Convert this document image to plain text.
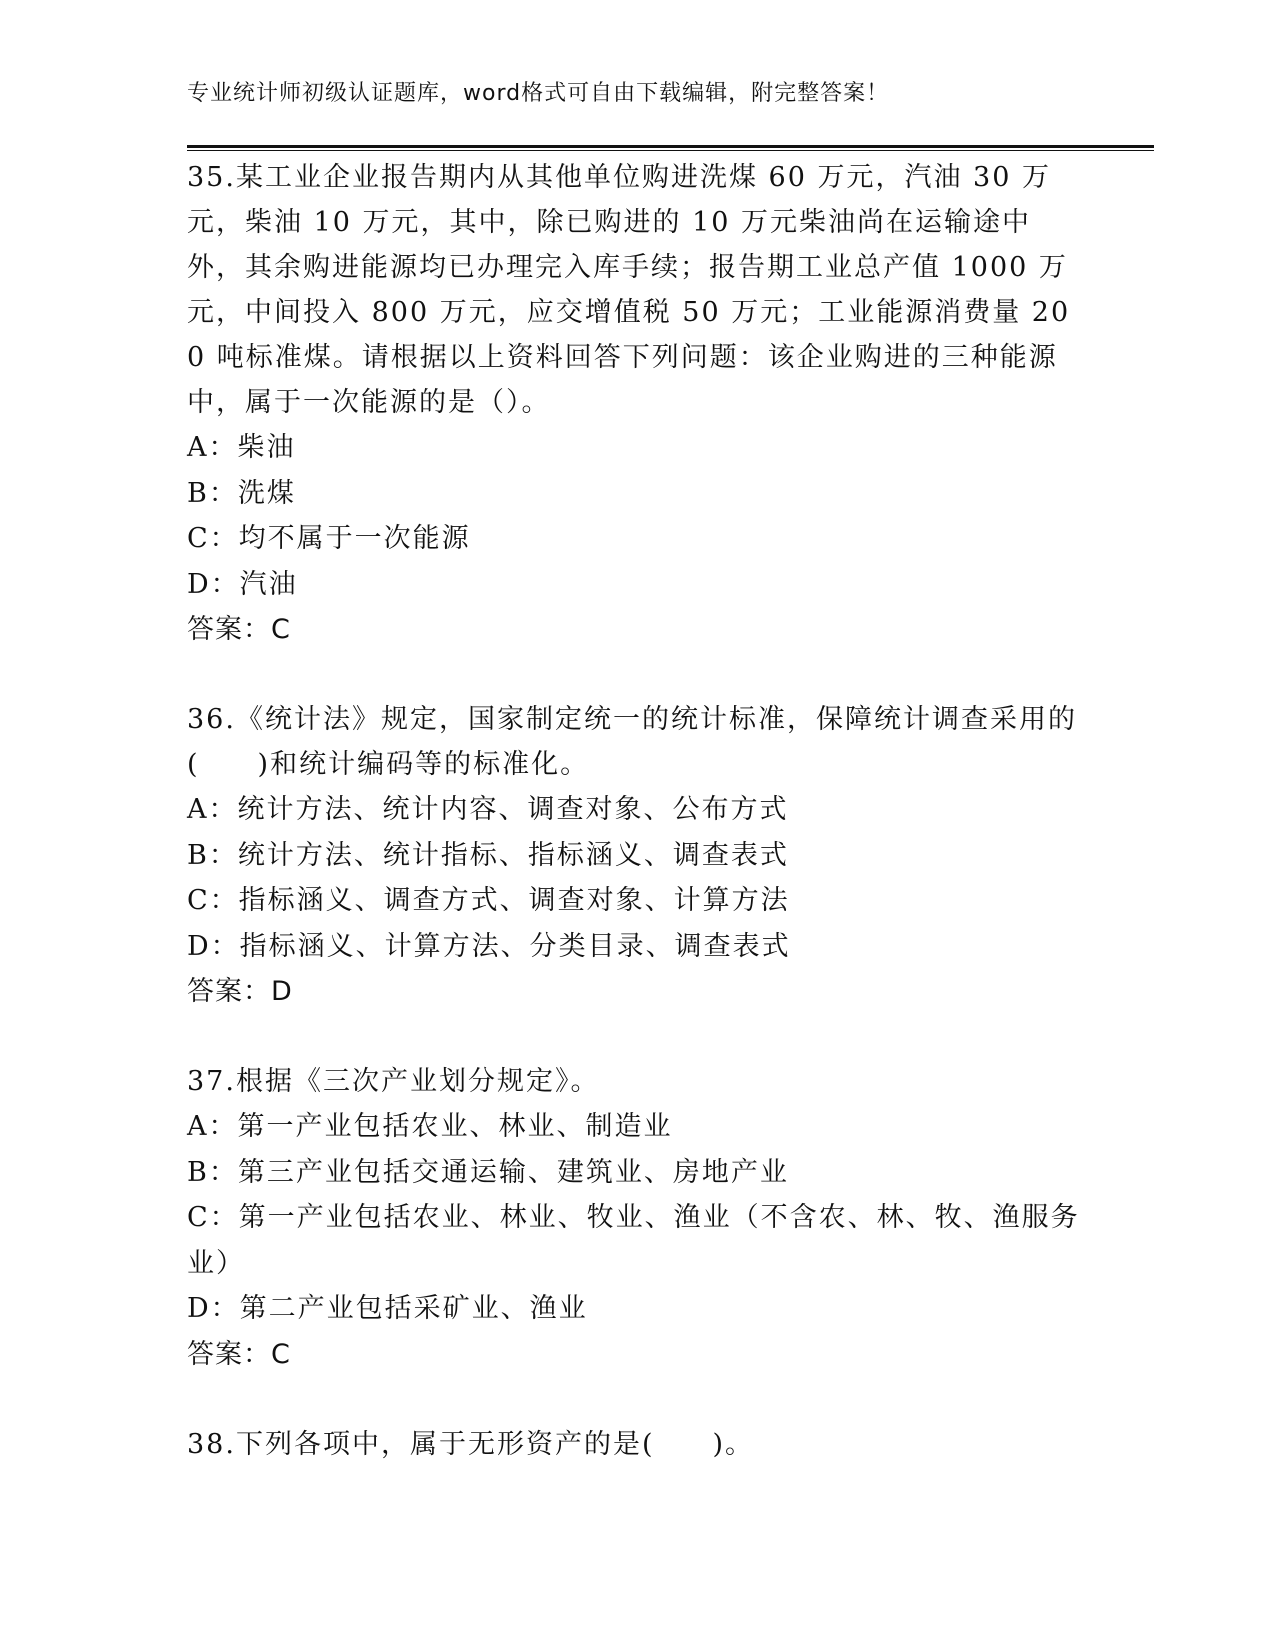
专业统计师初级认证题库，word格式可自由下载编辑，附完整答案！

35.某工业企业报告期内从其他单位购进洗煤 60 万元，汽油 30 万元，柴油 10 万元，其中，除已购进的 10 万元柴油尚在运输途中外，其余购进能源均已办理完入库手续；报告期工业总产值 1000 万元，中间投入 800 万元，应交增值税 50 万元；工业能源消费量 200 吨标准煤。请根据以上资料回答下列问题：该企业购进的三种能源中，属于一次能源的是（）。

A：柴油

B：洗煤

C：均不属于一次能源

D：汽油

答案：C

36.《统计法》规定，国家制定统一的统计标准，保障统计调查采用的(　　)和统计编码等的标准化。

A：统计方法、统计内容、调查对象、公布方式

B：统计方法、统计指标、指标涵义、调查表式

C：指标涵义、调查方式、调查对象、计算方法

D：指标涵义、计算方法、分类目录、调查表式

答案：D

37.根据《三次产业划分规定》。

A：第一产业包括农业、林业、制造业

B：第三产业包括交通运输、建筑业、房地产业

C：第一产业包括农业、林业、牧业、渔业（不含农、林、牧、渔服务业）

D：第二产业包括采矿业、渔业

答案：C

38.下列各项中，属于无形资产的是(　　)。
